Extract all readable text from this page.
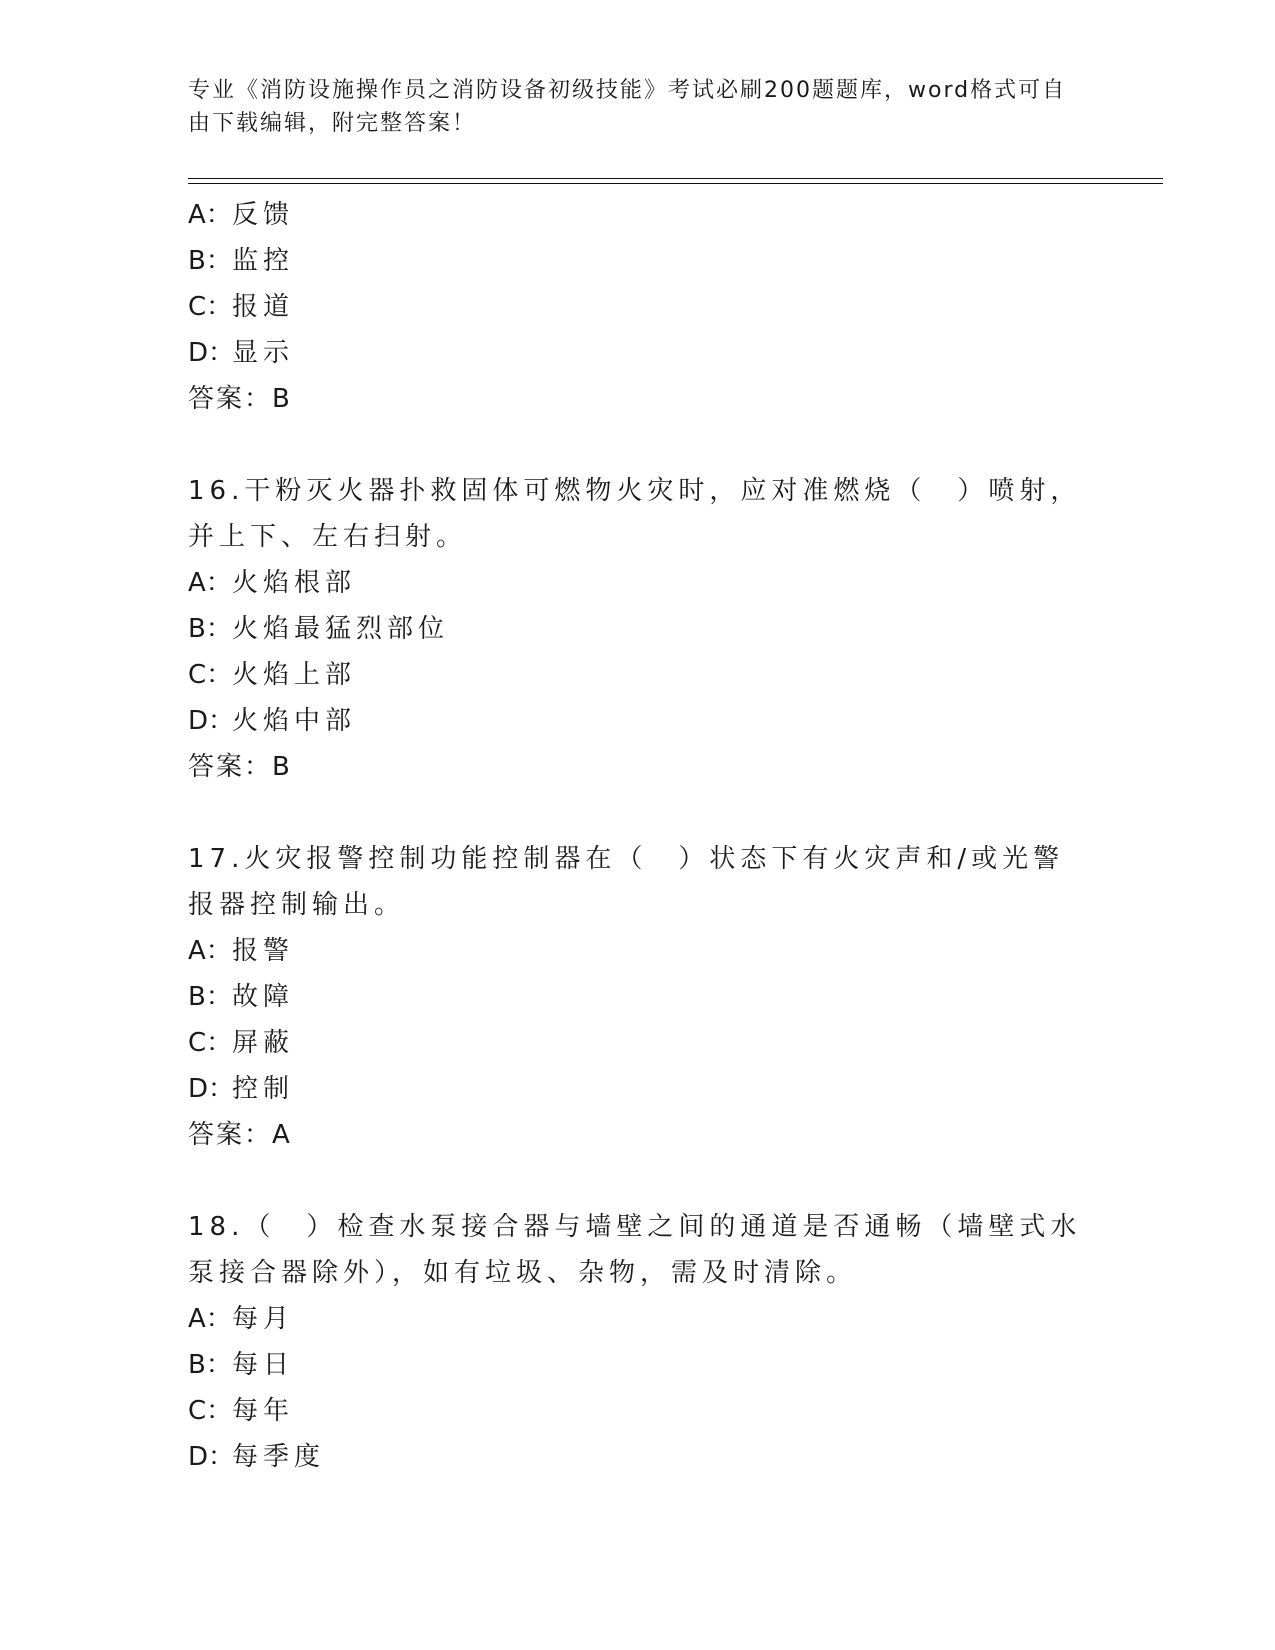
专业《消防设施操作员之消防设备初级技能》考试必刷200题题库，word格式可自由下载编辑，附完整答案！
A：反馈
B：监控
C：报道
D：显示
答案：B
16.干粉灭火器扑救固体可燃物火灾时，应对准燃烧（　）喷射，并上下、左右扫射。
A：火焰根部
B：火焰最猛烈部位
C：火焰上部
D：火焰中部
答案：B
17.火灾报警控制功能控制器在（　）状态下有火灾声和/或光警报器控制输出。
A：报警
B：故障
C：屏蔽
D：控制
答案：A
18.（　）检查水泵接合器与墙壁之间的通道是否通畅（墙壁式水泵接合器除外），如有垃圾、杂物，需及时清除。
A：每月
B：每日
C：每年
D：每季度
